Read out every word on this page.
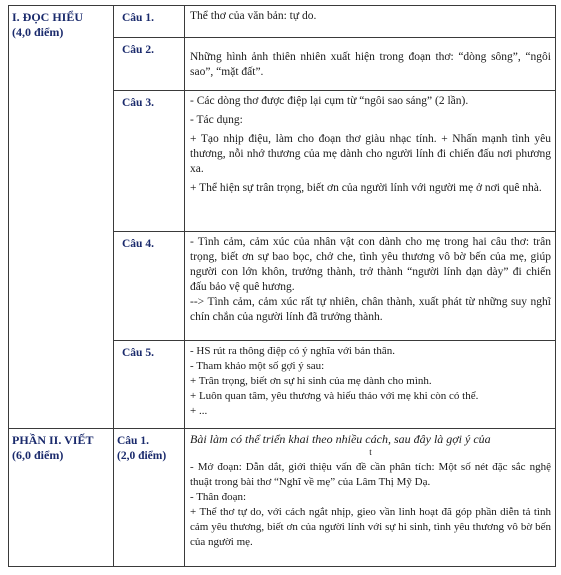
I. ĐỌC HIỂU
(4,0 điểm)	Câu 1.	Thể thơ của văn bản: tự do.

	Câu 2.	Những hình ảnh thiên nhiên xuất hiện trong đoạn thơ: “dòng sông”, “ngôi sao”, “mặt đất”.

	Câu 3.	- Các dòng thơ được điệp lại cụm từ “ngôi sao sáng” (2 lần).
- Tác dụng:
+ Tạo nhịp điệu, làm cho đoạn thơ giàu nhạc tính. + Nhấn mạnh tình yêu thương, nỗi nhớ thương của mẹ dành cho người lính đi chiến đấu nơi phương xa.
+ Thể hiện sự trân trọng, biết ơn của người lính với người mẹ ở nơi quê nhà.

	Câu 4.	- Tình cảm, cảm xúc của nhân vật con dành cho mẹ trong hai câu thơ: trân trọng, biết ơn sự bao bọc, chở che, tình yêu thương vô bờ bến của mẹ, giúp người con lớn khôn, trưởng thành, trở thành “người lính dạn dày” đi chiến đấu bảo vệ quê hương.
--> Tình cảm, cảm xúc rất tự nhiên, chân thành, xuất phát từ những suy nghĩ chín chắn của người lính đã trưởng thành.

	Câu 5.	- HS rút ra thông điệp có ý nghĩa với bản thân.
- Tham khảo một số gợi ý sau:
+ Trân trọng, biết ơn sự hi sinh của mẹ dành cho mình.
+ Luôn quan tâm, yêu thương và hiếu thảo với mẹ khi còn có thể.
+ ...

PHẦN II. VIẾT
(6,0 điểm)	Câu 1.
(2,0 điểm)	Bài làm có thể triển khai theo nhiều cách, sau đây là gợi ý của
t
- Mở đoạn: Dẫn dắt, giới thiệu vấn đề cần phân tích: Một số nét đặc sắc nghệ thuật trong bài thơ “Nghĩ về mẹ” của Lâm Thị Mỹ Dạ.
- Thân đoạn:
+ Thể thơ tự do, với cách ngắt nhịp, gieo vần linh hoạt đã góp phần diễn tả tình cảm yêu thương, biết ơn của người lính với sự hi sinh, tình yêu thương vô bờ bến của người mẹ.
